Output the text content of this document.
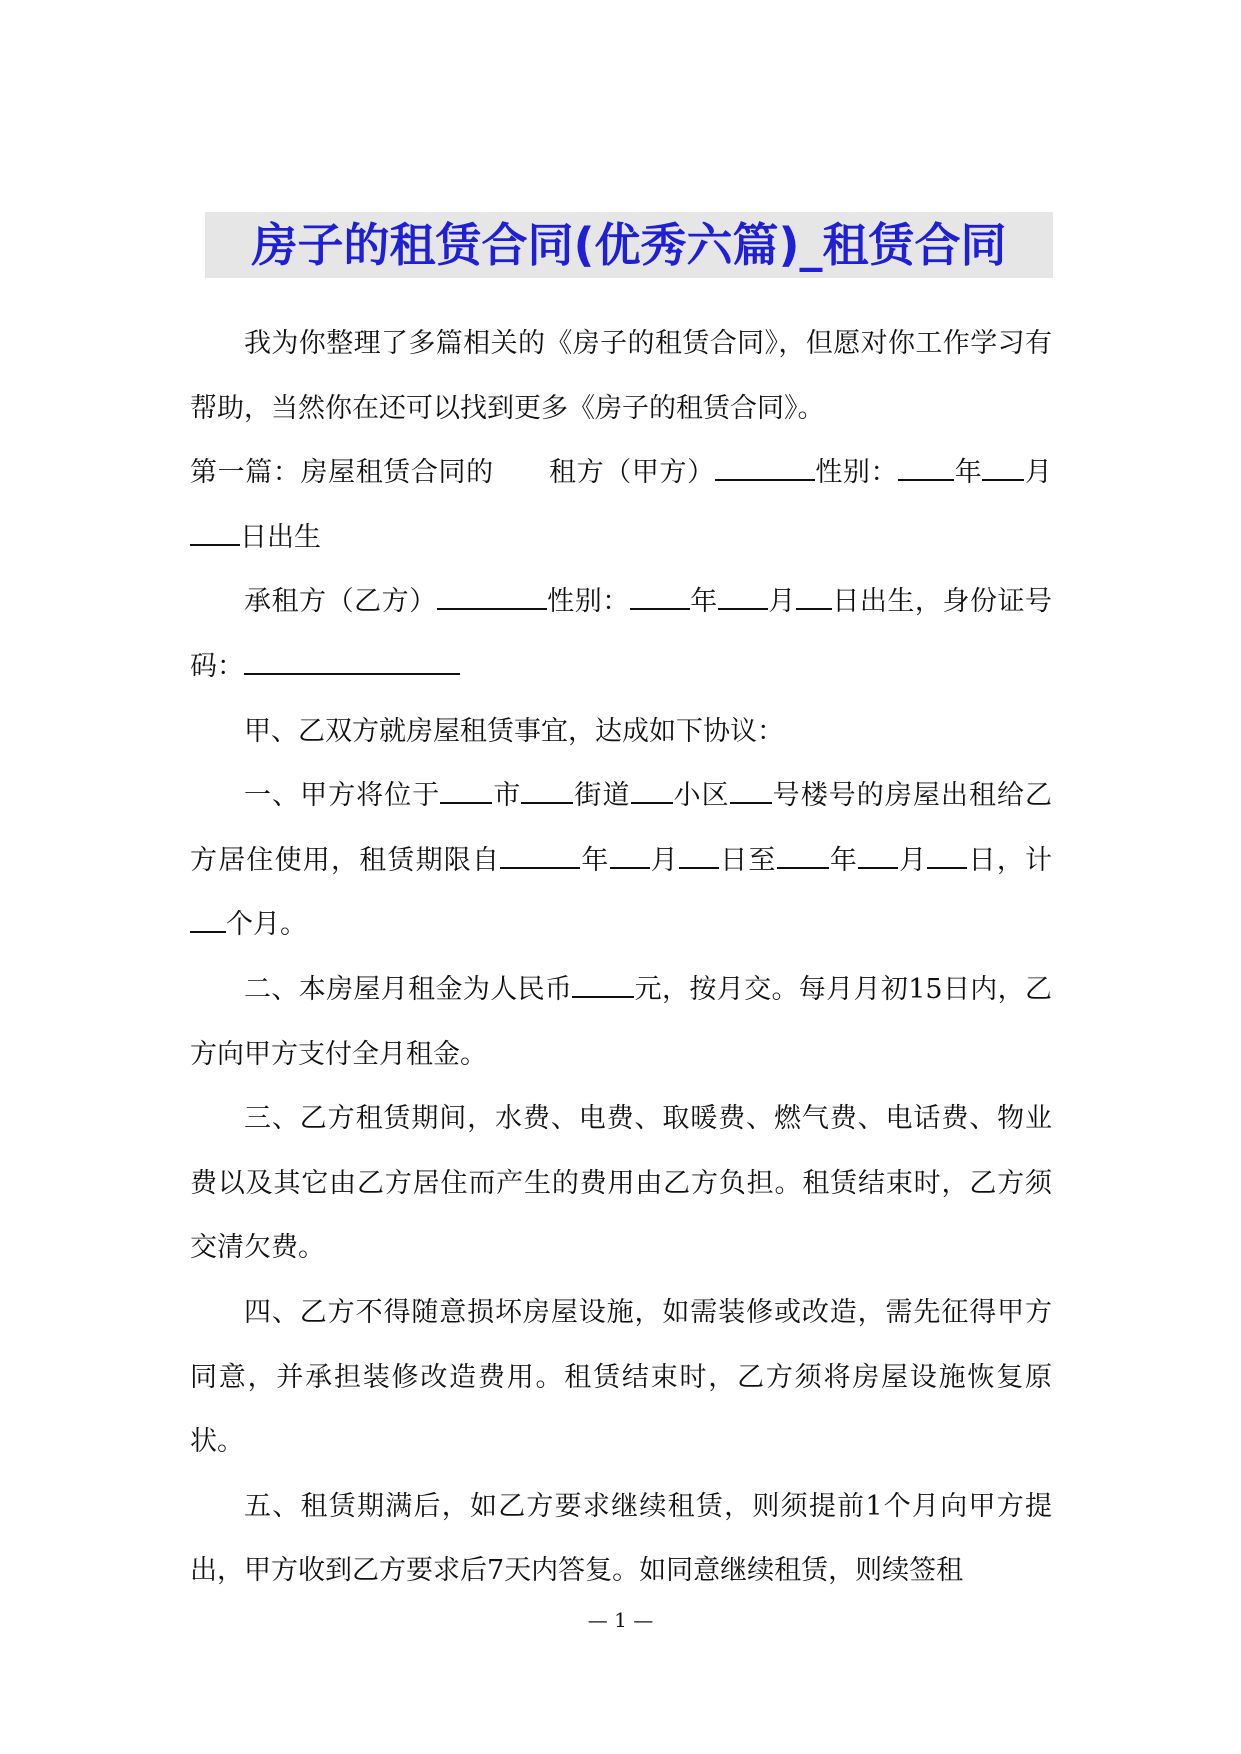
房子的租赁合同(优秀六篇)_租赁合同

我为你整理了多篇相关的《房子的租赁合同》，但愿对你工作学习有帮助，当然你在还可以找到更多《房子的租赁合同》。

第一篇：房屋租赁合同的　　租方（甲方）	性别： 年 月日出生

承租方（乙方）	性别： 年 月 日出生，身份证号码：

甲、乙双方就房屋租赁事宜，达成如下协议：

一、甲方将位于 市 街道 小区 号楼号的房屋出租给乙方居住使用，租赁期限自	年 月 日至 年 月 日，计个月。

二、本房屋月租金为人民币 元，按月交。每月月初15日内，乙方向甲方支付全月租金。

三、乙方租赁期间，水费、电费、取暖费、燃气费、电话费、物业费以及其它由乙方居住而产生的费用由乙方负担。租赁结束时，乙方须交清欠费。

四、乙方不得随意损坏房屋设施，如需装修或改造，需先征得甲方同意，并承担装修改造费用。租赁结束时，乙方须将房屋设施恢复原状。

五、租赁期满后，如乙方要求继续租赁，则须提前1个月向甲方提出，甲方收到乙方要求后7天内答复。如同意继续租赁，则续签租

— 1 —
